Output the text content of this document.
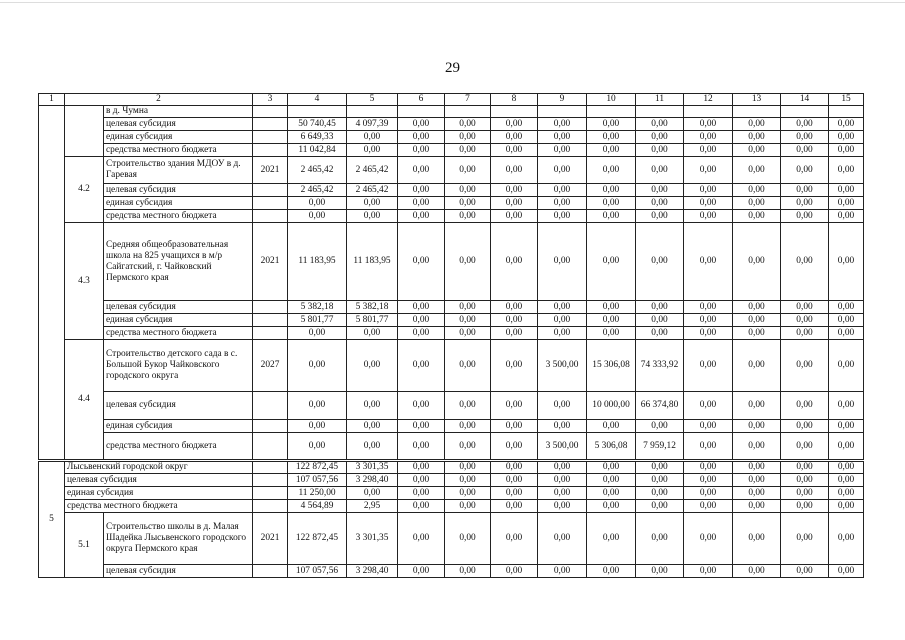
29
1	2		3	4	5	6	7	8	9	10	11	12	13	14	15
		в д. Чумна													
		целевая субсидия		50 740,45	4 097,39	0,00	0,00	0,00	0,00	0,00	0,00	0,00	0,00	0,00	0,00
		единая субсидия		6 649,33	0,00	0,00	0,00	0,00	0,00	0,00	0,00	0,00	0,00	0,00	0,00
		средства местного бюджета		11 042,84	0,00	0,00	0,00	0,00	0,00	0,00	0,00	0,00	0,00	0,00	0,00
	4.2	Строительство здания МДОУ в д. Гаревая	2021	2 465,42	2 465,42	0,00	0,00	0,00	0,00	0,00	0,00	0,00	0,00	0,00	0,00
		целевая субсидия		2 465,42	2 465,42	0,00	0,00	0,00	0,00	0,00	0,00	0,00	0,00	0,00	0,00
		единая субсидия		0,00	0,00	0,00	0,00	0,00	0,00	0,00	0,00	0,00	0,00	0,00	0,00
		средства местного бюджета		0,00	0,00	0,00	0,00	0,00	0,00	0,00	0,00	0,00	0,00	0,00	0,00
	4.3	Средняя общеобразовательная школа на 825 учащихся в м/р Сайгатский, г. Чайковский Пермского края	2021	11 183,95	11 183,95	0,00	0,00	0,00	0,00	0,00	0,00	0,00	0,00	0,00	0,00
		целевая субсидия		5 382,18	5 382,18	0,00	0,00	0,00	0,00	0,00	0,00	0,00	0,00	0,00	0,00
		единая субсидия		5 801,77	5 801,77	0,00	0,00	0,00	0,00	0,00	0,00	0,00	0,00	0,00	0,00
		средства местного бюджета		0,00	0,00	0,00	0,00	0,00	0,00	0,00	0,00	0,00	0,00	0,00	0,00
	4.4	Строительство детского сада в с. Большой Букор Чайковского городского округа	2027	0,00	0,00	0,00	0,00	0,00	3 500,00	15 306,08	74 333,92	0,00	0,00	0,00	0,00
		целевая субсидия		0,00	0,00	0,00	0,00	0,00	0,00	10 000,00	66 374,80	0,00	0,00	0,00	0,00
		единая субсидия		0,00	0,00	0,00	0,00	0,00	0,00	0,00	0,00	0,00	0,00	0,00	0,00
		средства местного бюджета		0,00	0,00	0,00	0,00	0,00	3 500,00	5 306,08	7 959,12	0,00	0,00	0,00	0,00
5	Лысьвенский городской округ			122 872,45	3 301,35	0,00	0,00	0,00	0,00	0,00	0,00	0,00	0,00	0,00	0,00
	целевая субсидия			107 057,56	3 298,40	0,00	0,00	0,00	0,00	0,00	0,00	0,00	0,00	0,00	0,00
	единая субсидия			11 250,00	0,00	0,00	0,00	0,00	0,00	0,00	0,00	0,00	0,00	0,00	0,00
	средства местного бюджета			4 564,89	2,95	0,00	0,00	0,00	0,00	0,00	0,00	0,00	0,00	0,00	0,00
	5.1	Строительство школы в д. Малая Шадейка Лысьвенского городского округа Пермского края	2021	122 872,45	3 301,35	0,00	0,00	0,00	0,00	0,00	0,00	0,00	0,00	0,00	0,00
		целевая субсидия		107 057,56	3 298,40	0,00	0,00	0,00	0,00	0,00	0,00	0,00	0,00	0,00	0,00
